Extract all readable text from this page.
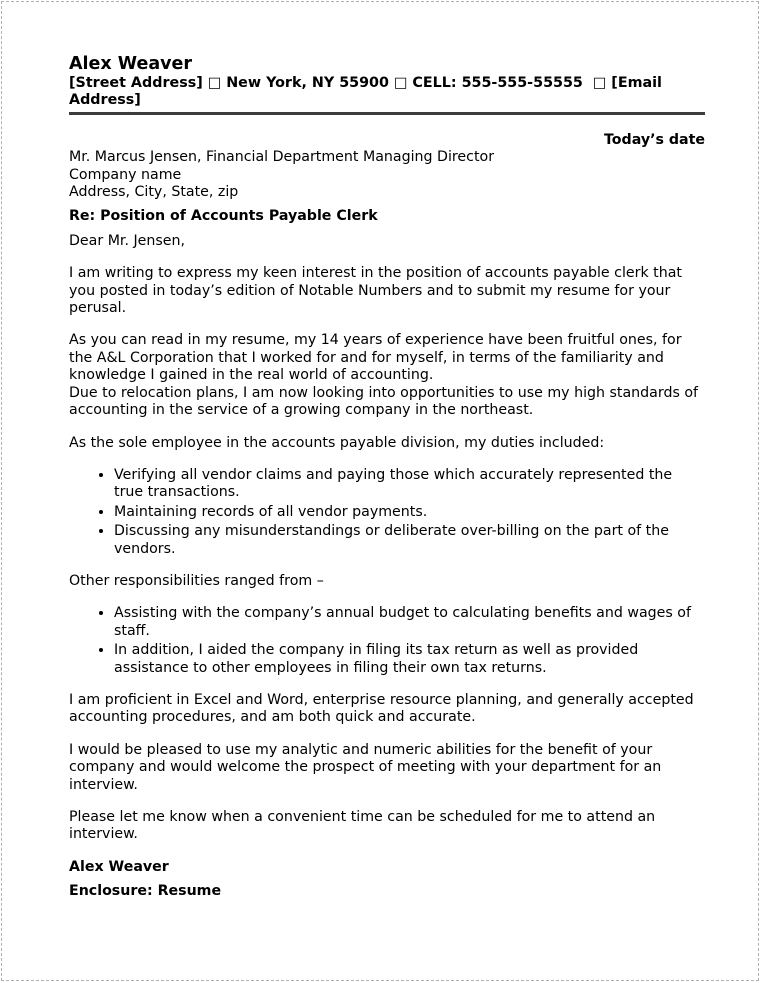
Alex Weaver
[Street Address] □ New York, NY 55900 □ CELL: 555-555-55555  □ [Email Address]
Today’s date
Mr. Marcus Jensen, Financial Department Managing Director
Company name
Address, City, State, zip
Re: Position of Accounts Payable Clerk
Dear Mr. Jensen,

I am writing to express my keen interest in the position of accounts payable clerk that you posted in today’s edition of Notable Numbers and to submit my resume for your perusal.

As you can read in my resume, my 14 years of experience have been fruitful ones, for the A&L Corporation that I worked for and for myself, in terms of the familiarity and knowledge I gained in the real world of accounting.

Due to relocation plans, I am now looking into opportunities to use my high standards of accounting in the service of a growing company in the northeast.

As the sole employee in the accounts payable division, my duties included:

• Verifying all vendor claims and paying those which accurately represented the true transactions.
• Maintaining records of all vendor payments.
• Discussing any misunderstandings or deliberate over-billing on the part of the vendors.

Other responsibilities ranged from –

• Assisting with the company’s annual budget to calculating benefits and wages of staff.
• In addition, I aided the company in filing its tax return as well as provided assistance to other employees in filing their own tax returns.

I am proficient in Excel and Word, enterprise resource planning, and generally accepted accounting procedures, and am both quick and accurate.

I would be pleased to use my analytic and numeric abilities for the benefit of your company and would welcome the prospect of meeting with your department for an interview.

Please let me know when a convenient time can be scheduled for me to attend an interview.

Alex Weaver
Enclosure: Resume
